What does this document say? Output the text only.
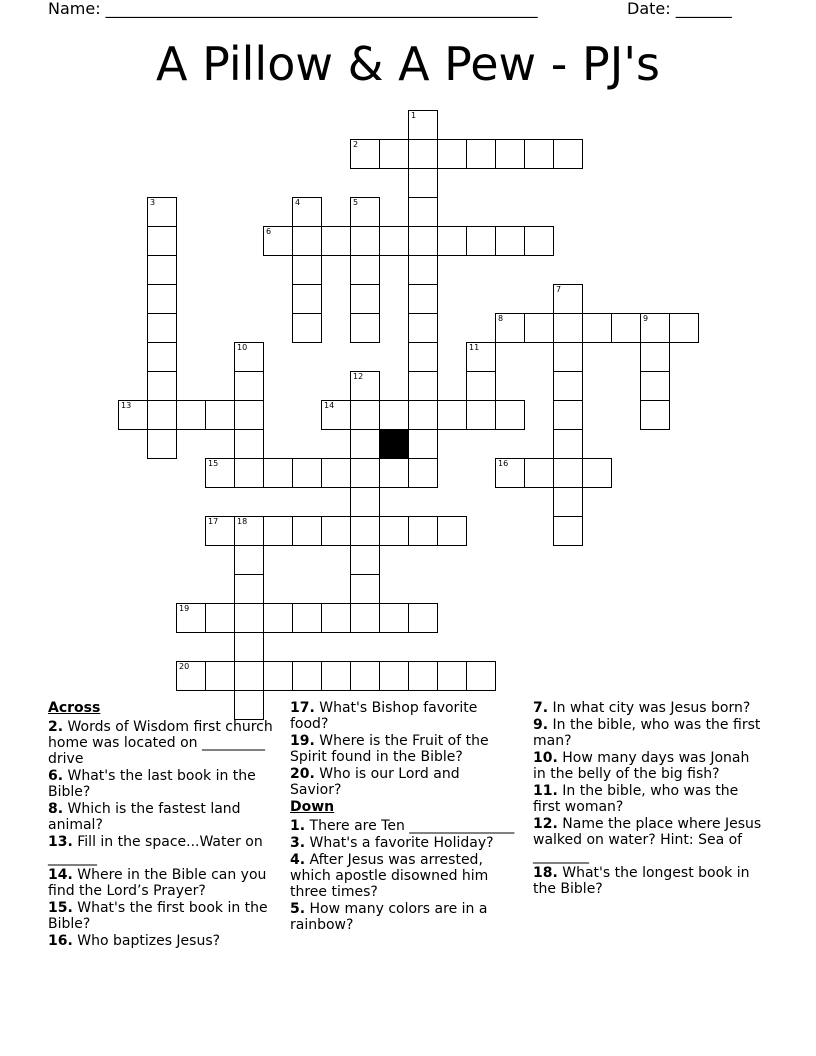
Name: ______________________________________________________	Date: _______
A Pillow & A Pew - PJ's
2
6
8	9
13	14
15	16
17 18
19
20
1
3	4	5
7
10	11
12
Across
2. Words of Wisdom first church home was located on _________ drive
6. What's the last book in the Bible?
8. Which is the fastest land animal?
13. Fill in the space...Water on _______
14. Where in the Bible can you find the Lord’s Prayer?
15. What's the first book in the Bible?
16. Who baptizes Jesus?
17. What's Bishop favorite food?
19. Where is the Fruit of the Spirit found in the Bible?
20. Who is our Lord and Savior?
Down
1. There are Ten _______________
3. What's a favorite Holiday?
4. After Jesus was arrested, which apostle disowned him three times?
5. How many colors are in a rainbow?
7. In what city was Jesus born?
9. In the bible, who was the first man?
10. How many days was Jonah in the belly of the big fish?
11. In the bible, who was the first woman?
12. Name the place where Jesus walked on water? Hint: Sea of ________
18. What's the longest book in the Bible?
